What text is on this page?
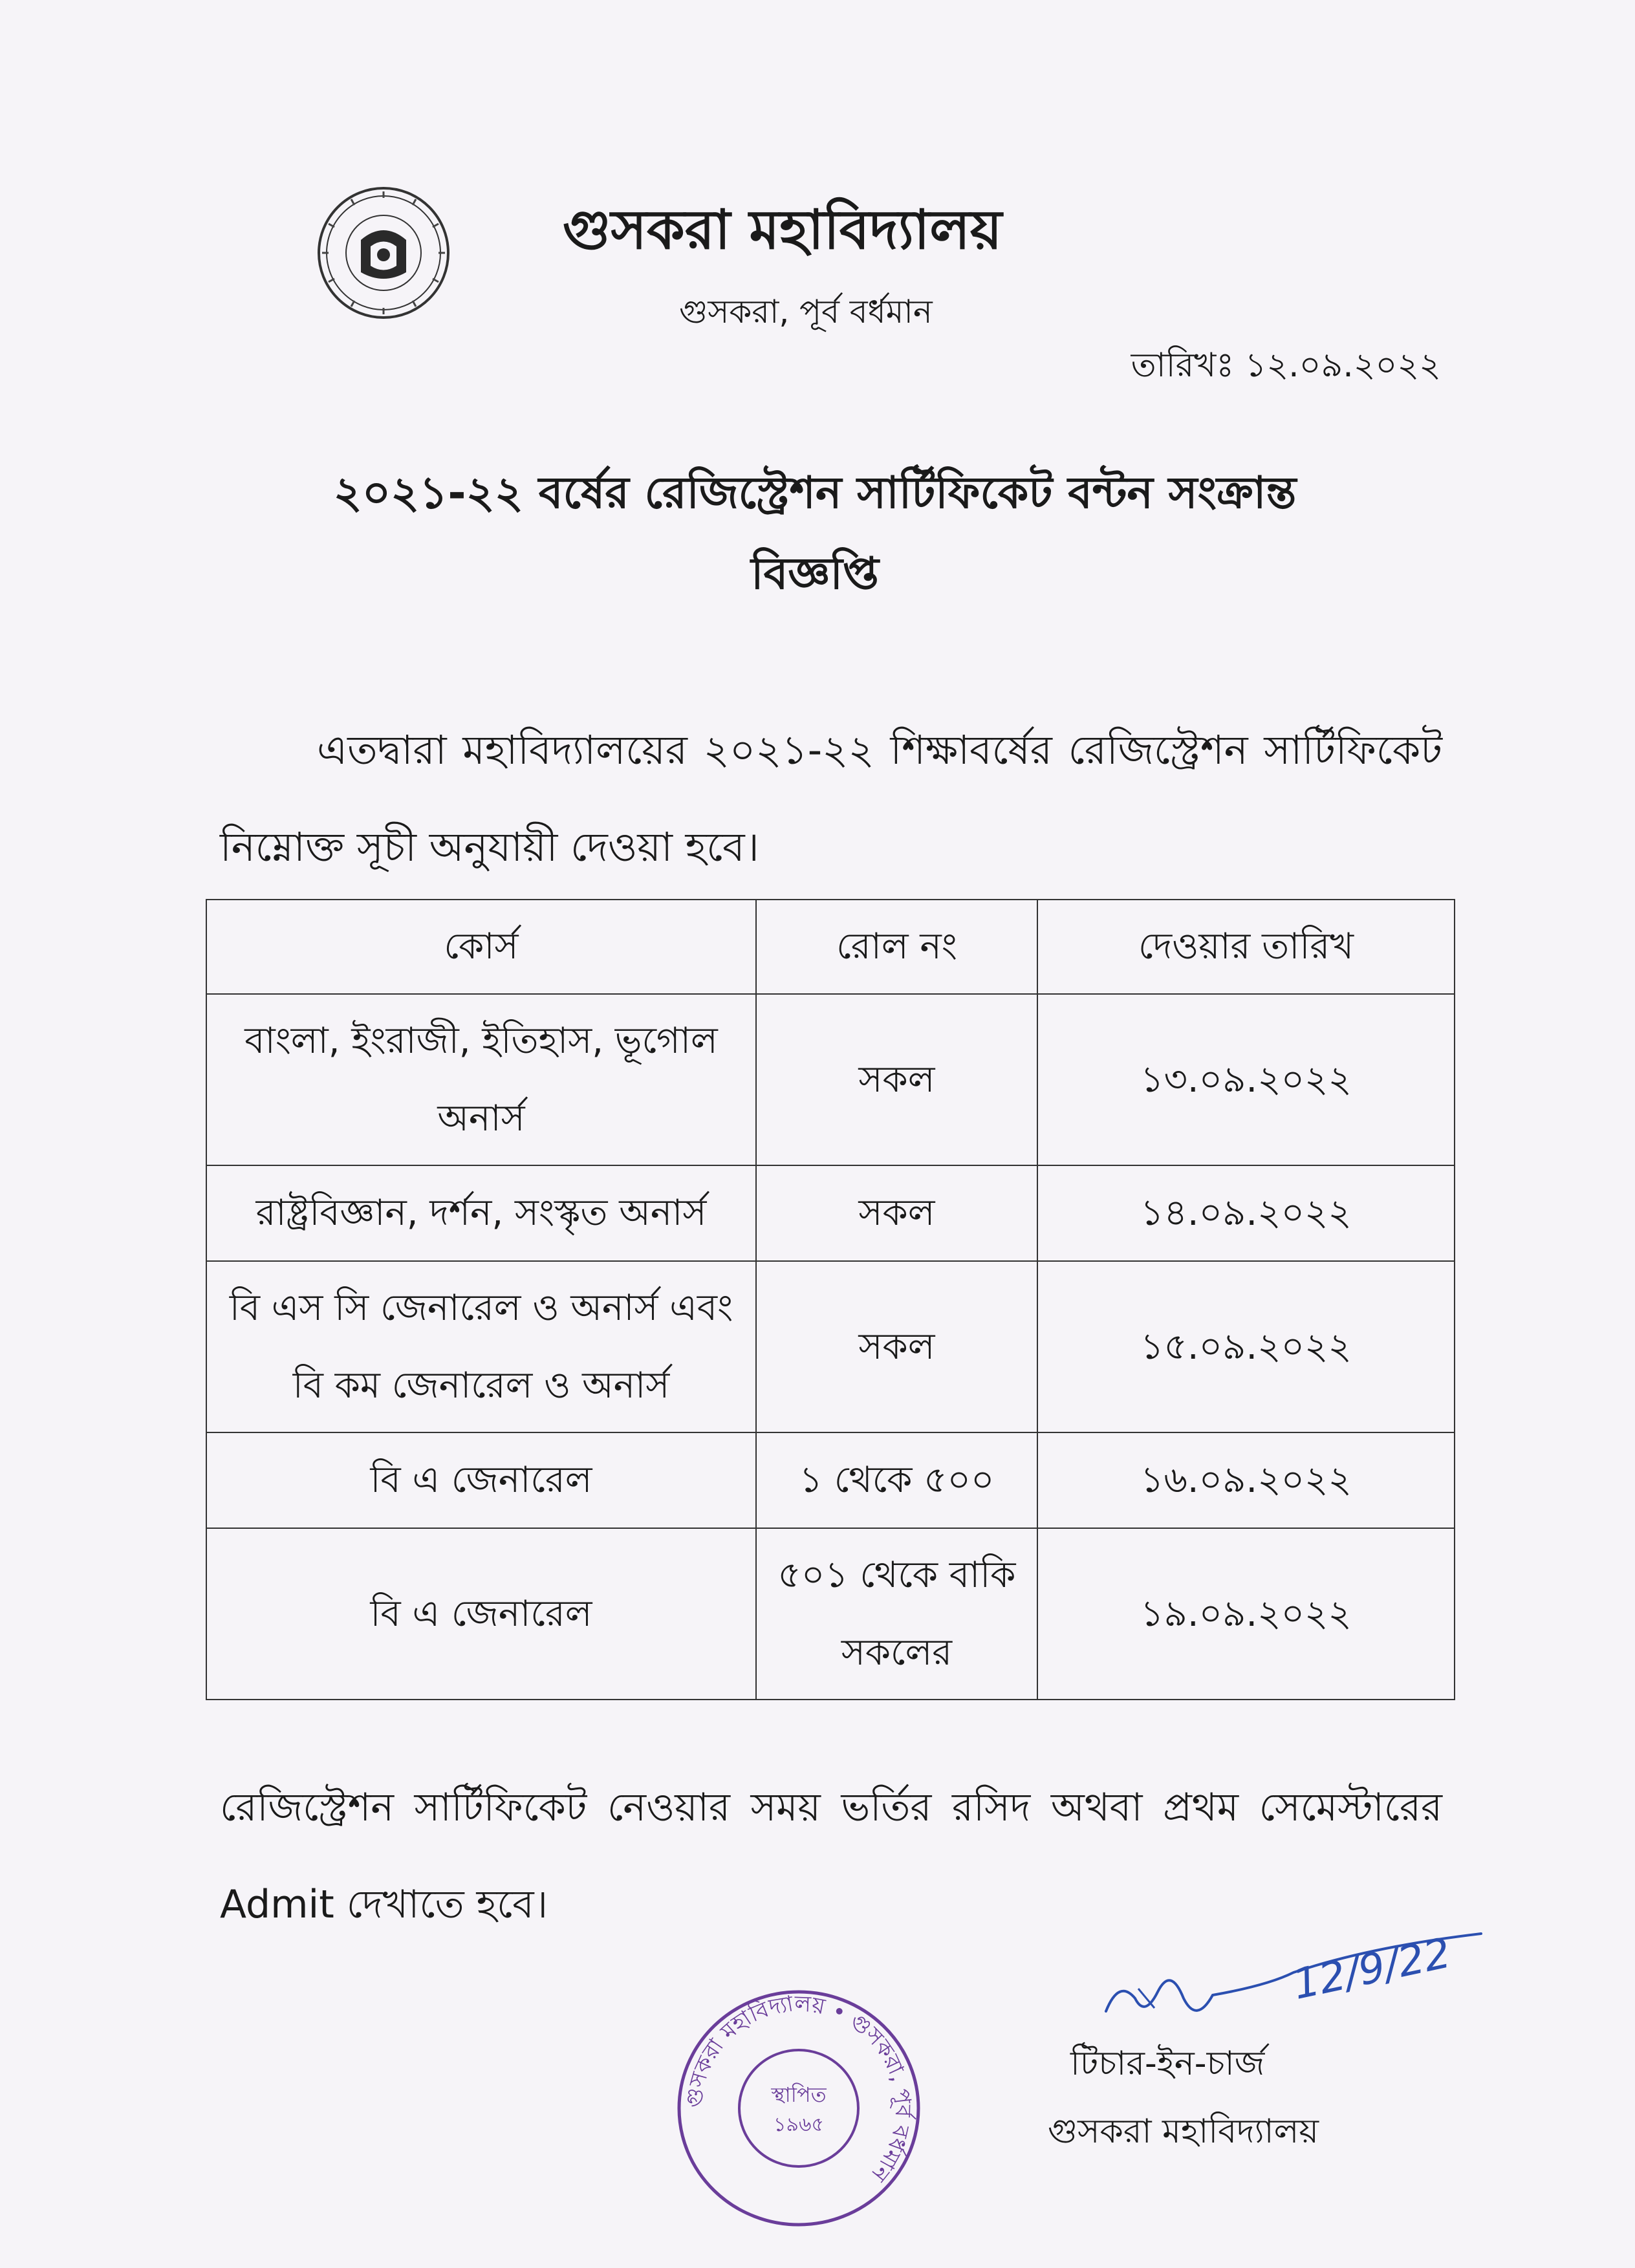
গুসকরা মহাবিদ্যালয়
গুসকরা, পূর্ব বর্ধমান
তারিখঃ ১২.০৯.২০২২
২০২১-২২ বর্ষের রেজিস্ট্রেশন সার্টিফিকেট বন্টন সংক্রান্ত
বিজ্ঞপ্তি
এতদ্বারা মহাবিদ্যালয়ের ২০২১-২২ শিক্ষাবর্ষের রেজিস্ট্রেশন সার্টিফিকেট নিম্নোক্ত সূচী অনুযায়ী দেওয়া হবে।
কোর্স	রোল নং	দেওয়ার তারিখ
বাংলা, ইংরাজী, ইতিহাস, ভূগোল অনার্স	সকল	১৩.০৯.২০২২
রাষ্ট্রবিজ্ঞান, দর্শন, সংস্কৃত অনার্স	সকল	১৪.০৯.২০২২
বি এস সি জেনারেল ও অনার্স এবং বি কম জেনারেল ও অনার্স	সকল	১৫.০৯.২০২২
বি এ জেনারেল	১ থেকে ৫০০	১৬.০৯.২০২২
বি এ জেনারেল	৫০১ থেকে বাকি সকলের	১৯.০৯.২০২২
রেজিস্ট্রেশন সার্টিফিকেট নেওয়ার সময় ভর্তির রসিদ অথবা প্রথম সেমেস্টারের Admit দেখাতে হবে।
গুসকরা মহাবিদ্যালয় • গুসকরা, পূর্ব বর্ধমান
স্থাপিত
১৯৬৫
12/9/22
টিচার-ইন-চার্জ
গুসকরা মহাবিদ্যালয়
